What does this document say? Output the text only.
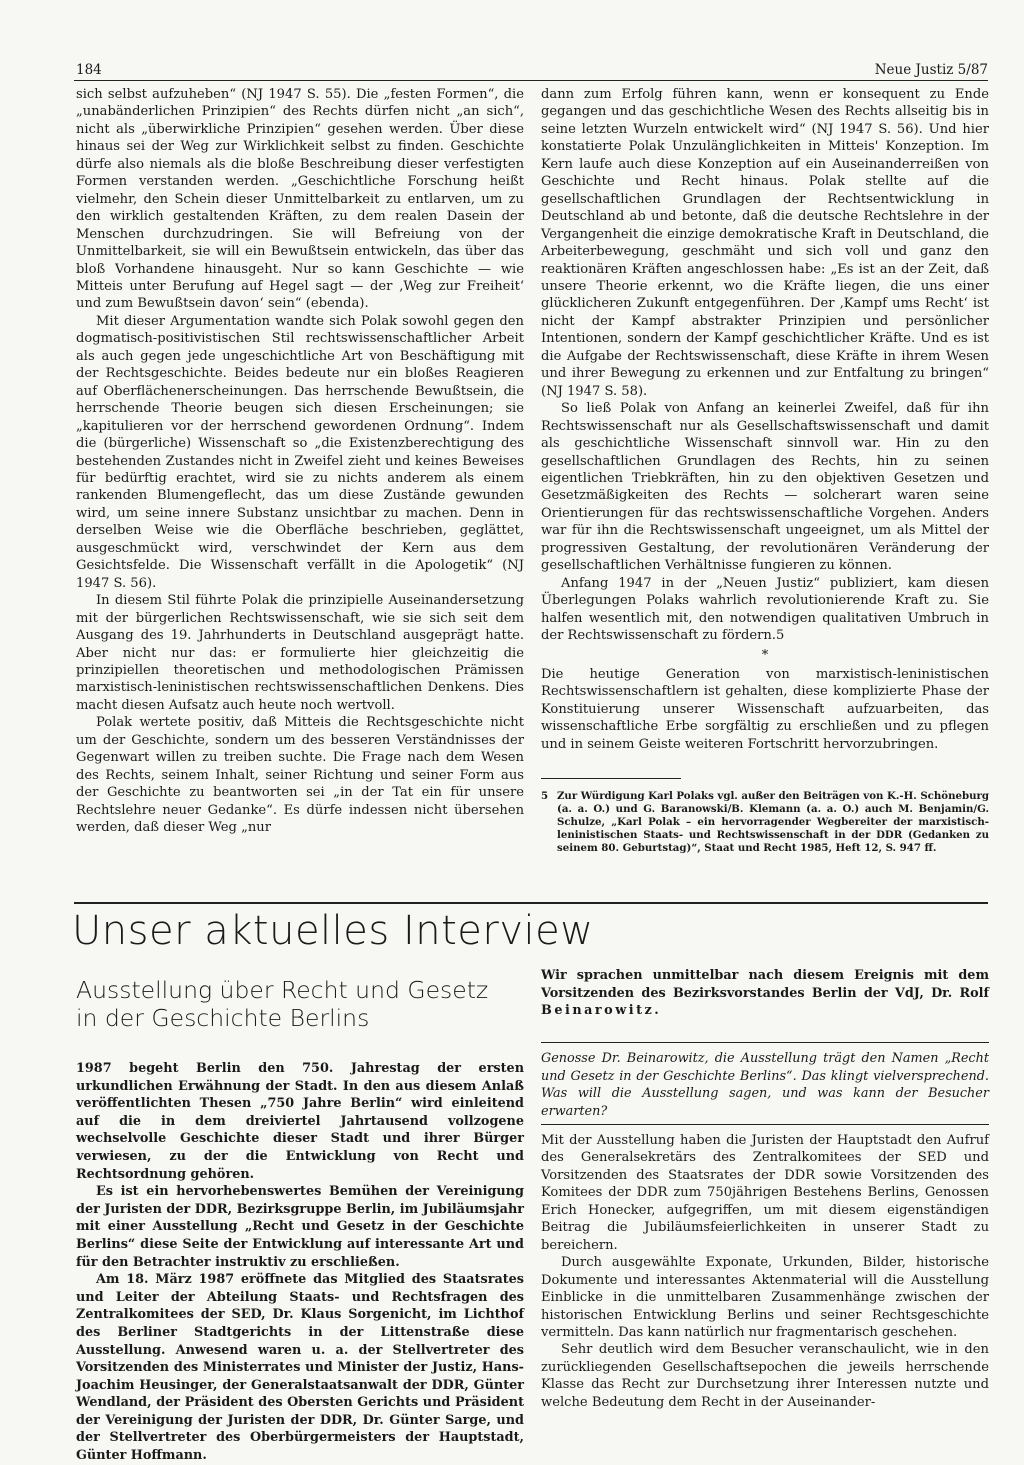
184	Neue Justiz 5/87

sich selbst aufzuheben“ (NJ 1947 S. 55). Die „festen Formen“, die „unabänderlichen Prinzipien“ des Rechts dürfen nicht „an sich“, nicht als „überwirkliche Prinzipien“ gesehen werden. Über diese hinaus sei der Weg zur Wirklichkeit selbst zu finden. Geschichte dürfe also niemals als die bloße Beschreibung dieser verfestigten Formen verstanden werden. „Geschichtliche Forschung heißt vielmehr, den Schein dieser Unmittelbarkeit zu entlarven, um zu den wirklich gestaltenden Kräften, zu dem realen Dasein der Menschen durchzudringen. Sie will Befreiung von der Unmittelbarkeit, sie will ein Bewußtsein entwickeln, das über das bloß Vorhandene hinausgeht. Nur so kann Geschichte — wie Mitteis unter Berufung auf Hegel sagt — der ‚Weg zur Freiheit‘ und zum Bewußtsein davon‘ sein“ (ebenda).

Mit dieser Argumentation wandte sich Polak sowohl gegen den dogmatisch-positivistischen Stil rechtswissenschaftlicher Arbeit als auch gegen jede ungeschichtliche Art von Beschäftigung mit der Rechtsgeschichte. Beides bedeute nur ein bloßes Reagieren auf Oberflächenerscheinungen. Das herrschende Bewußtsein, die herrschende Theorie beugen sich diesen Erscheinungen; sie „kapitulieren vor der herrschend gewordenen Ordnung“. Indem die (bürgerliche) Wissenschaft so „die Existenzberechtigung des bestehenden Zustandes nicht in Zweifel zieht und keines Beweises für bedürftig erachtet, wird sie zu nichts anderem als einem rankenden Blumengeflecht, das um diese Zustände gewunden wird, um seine innere Substanz unsichtbar zu machen. Denn in derselben Weise wie die Oberfläche beschrieben, geglättet, ausgeschmückt wird, verschwindet der Kern aus dem Gesichtsfelde. Die Wissenschaft verfällt in die Apologetik“ (NJ 1947 S. 56).

In diesem Stil führte Polak die prinzipielle Auseinandersetzung mit der bürgerlichen Rechtswissenschaft, wie sie sich seit dem Ausgang des 19. Jahrhunderts in Deutschland ausgeprägt hatte. Aber nicht nur das: er formulierte hier gleichzeitig die prinzipiellen theoretischen und methodologischen Prämissen marxistisch-leninistischen rechtswissenschaftlichen Denkens. Dies macht diesen Aufsatz auch heute noch wertvoll.

Polak wertete positiv, daß Mitteis die Rechtsgeschichte nicht um der Geschichte, sondern um des besseren Verständnisses der Gegenwart willen zu treiben suchte. Die Frage nach dem Wesen des Rechts, seinem Inhalt, seiner Richtung und seiner Form aus der Geschichte zu beantworten sei „in der Tat ein für unsere Rechtslehre neuer Gedanke“. Es dürfe indessen nicht übersehen werden, daß dieser Weg „nur

dann zum Erfolg führen kann, wenn er konsequent zu Ende gegangen und das geschichtliche Wesen des Rechts allseitig bis in seine letzten Wurzeln entwickelt wird“ (NJ 1947 S. 56). Und hier konstatierte Polak Unzulänglichkeiten in Mitteis' Konzeption. Im Kern laufe auch diese Konzeption auf ein Auseinanderreißen von Geschichte und Recht hinaus. Polak stellte auf die gesellschaftlichen Grundlagen der Rechtsentwicklung in Deutschland ab und betonte, daß die deutsche Rechtslehre in der Vergangenheit die einzige demokratische Kraft in Deutschland, die Arbeiterbewegung, geschmäht und sich voll und ganz den reaktionären Kräften angeschlossen habe: „Es ist an der Zeit, daß unsere Theorie erkennt, wo die Kräfte liegen, die uns einer glücklicheren Zukunft entgegenführen. Der ‚Kampf ums Recht‘ ist nicht der Kampf abstrakter Prinzipien und persönlicher Intentionen, sondern der Kampf geschichtlicher Kräfte. Und es ist die Aufgabe der Rechtswissenschaft, diese Kräfte in ihrem Wesen und ihrer Bewegung zu erkennen und zur Entfaltung zu bringen“ (NJ 1947 S. 58).

So ließ Polak von Anfang an keinerlei Zweifel, daß für ihn Rechtswissenschaft nur als Gesellschaftswissenschaft und damit als geschichtliche Wissenschaft sinnvoll war. Hin zu den gesellschaftlichen Grundlagen des Rechts, hin zu seinen eigentlichen Triebkräften, hin zu den objektiven Gesetzen und Gesetzmäßigkeiten des Rechts — solcherart waren seine Orientierungen für das rechtswissenschaftliche Vorgehen. Anders war für ihn die Rechtswissenschaft ungeeignet, um als Mittel der progressiven Gestaltung, der revolutionären Veränderung der gesellschaftlichen Verhältnisse fungieren zu können.

Anfang 1947 in der „Neuen Justiz“ publiziert, kam diesen Überlegungen Polaks wahrlich revolutionierende Kraft zu. Sie halfen wesentlich mit, den notwendigen qualitativen Umbruch in der Rechtswissenschaft zu fördern.5

*

Die heutige Generation von marxistisch-leninistischen Rechtswissenschaftlern ist gehalten, diese komplizierte Phase der Konstituierung unserer Wissenschaft aufzuarbeiten, das wissenschaftliche Erbe sorgfältig zu erschließen und zu pflegen und in seinem Geiste weiteren Fortschritt hervorzubringen.

5 Zur Würdigung Karl Polaks vgl. außer den Beiträgen von K.-H. Schöneburg (a. a. O.) und G. Baranowski/B. Klemann (a. a. O.) auch M. Benjamin/G. Schulze, „Karl Polak – ein hervorragender Wegbereiter der marxistisch-leninistischen Staats- und Rechtswissenschaft in der DDR (Gedanken zu seinem 80. Geburtstag)“, Staat und Recht 1985, Heft 12, S. 947 ff.
Unser aktuelles Interview
Ausstellung über Recht und Gesetz in der Geschichte Berlins

1987 begeht Berlin den 750. Jahrestag der ersten urkundlichen Erwähnung der Stadt. In den aus diesem Anlaß veröffentlichten Thesen „750 Jahre Berlin“ wird einleitend auf die in dem dreiviertel Jahrtausend vollzogene wechselvolle Geschichte dieser Stadt und ihrer Bürger verwiesen, zu der die Entwicklung von Recht und Rechtsordnung gehören.

Es ist ein hervorhebenswertes Bemühen der Vereinigung der Juristen der DDR, Bezirksgruppe Berlin, im Jubiläumsjahr mit einer Ausstellung „Recht und Gesetz in der Geschichte Berlins“ diese Seite der Entwicklung auf interessante Art und für den Betrachter instruktiv zu erschließen.

Am 18. März 1987 eröffnete das Mitglied des Staatsrates und Leiter der Abteilung Staats- und Rechtsfragen des Zentralkomitees der SED, Dr. Klaus Sorgenicht, im Lichthof des Berliner Stadtgerichts in der Littenstraße diese Ausstellung. Anwesend waren u. a. der Stellvertreter des Vorsitzenden des Ministerrates und Minister der Justiz, Hans-Joachim Heusinger, der Generalstaatsanwalt der DDR, Günter Wendland, der Präsident des Obersten Gerichts und Präsident der Vereinigung der Juristen der DDR, Dr. Günter Sarge, und der Stellvertreter des Oberbürgermeisters der Hauptstadt, Günter Hoffmann.

Wir sprachen unmittelbar nach diesem Ereignis mit dem Vorsitzenden des Bezirksvorstandes Berlin der VdJ, Dr. Rolf Beinarowitz.
Genosse Dr. Beinarowitz, die Ausstellung trägt den Namen „Recht und Gesetz in der Geschichte Berlins“. Das klingt vielversprechend. Was will die Ausstellung sagen, und was kann der Besucher erwarten?

Mit der Ausstellung haben die Juristen der Hauptstadt den Aufruf des Generalsekretärs des Zentralkomitees der SED und Vorsitzenden des Staatsrates der DDR sowie Vorsitzenden des Komitees der DDR zum 750jährigen Bestehens Berlins, Genossen Erich Honecker, aufgegriffen, um mit diesem eigenständigen Beitrag die Jubiläumsfeierlichkeiten in unserer Stadt zu bereichern.

Durch ausgewählte Exponate, Urkunden, Bilder, historische Dokumente und interessantes Aktenmaterial will die Ausstellung Einblicke in die unmittelbaren Zusammenhänge zwischen der historischen Entwicklung Berlins und seiner Rechtsgeschichte vermitteln. Das kann natürlich nur fragmentarisch geschehen.

Sehr deutlich wird dem Besucher veranschaulicht, wie in den zurückliegenden Gesellschaftsepochen die jeweils herrschende Klasse das Recht zur Durchsetzung ihrer Interessen nutzte und welche Bedeutung dem Recht in der Auseinander-
